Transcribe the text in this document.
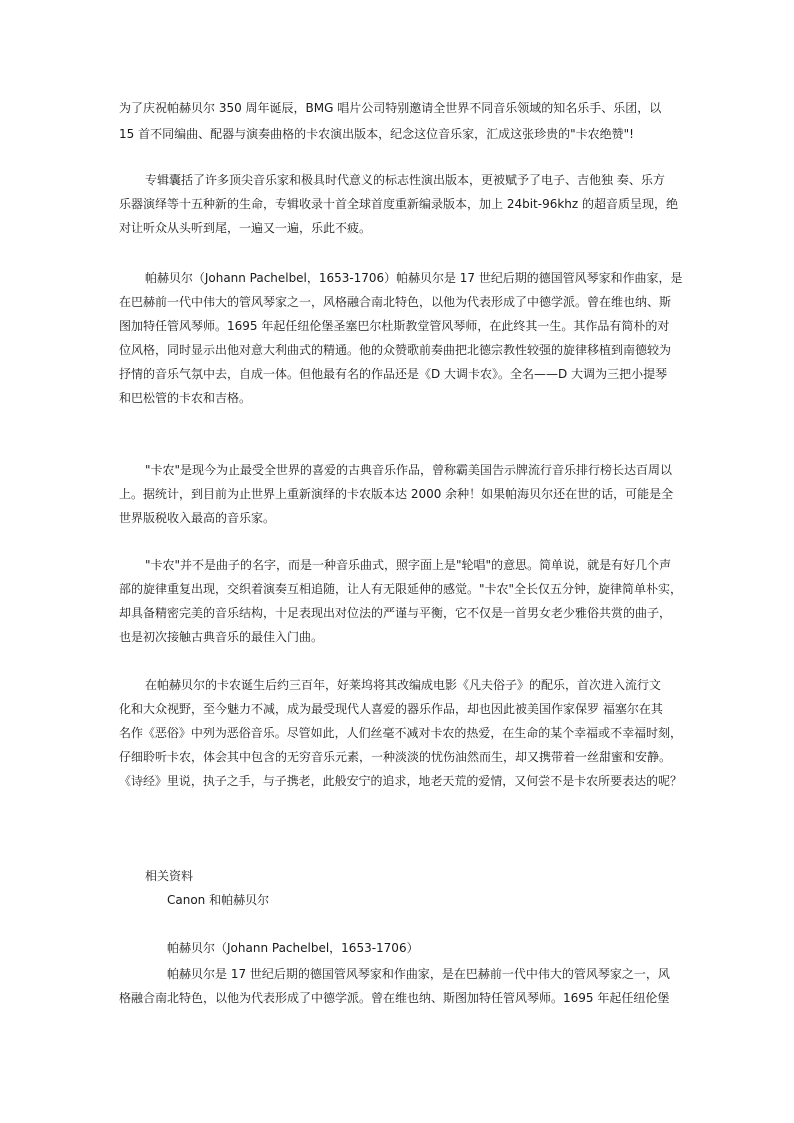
为了庆祝帕赫贝尔 350 周年诞辰，BMG 唱片公司特别邀请全世界不同音乐领域的知名乐手、乐团，以
15 首不同编曲、配器与演奏曲格的卡农演出版本，纪念这位音乐家，汇成这张珍贵的"卡农绝赞"!
专辑囊括了许多顶尖音乐家和极具时代意义的标志性演出版本，更被赋予了电子、吉他独 奏、乐方
乐器演绎等十五种新的生命，专辑收录十首全球首度重新编录版本，加上 24bit-96khz 的超音质呈现，绝
对让听众从头听到尾，一遍又一遍，乐此不疲。
帕赫贝尔（Johann Pachelbel，1653-1706）帕赫贝尔是 17 世纪后期的德国管风琴家和作曲家，是
在巴赫前一代中伟大的管风琴家之一，风格融合南北特色，以他为代表形成了中德学派。曾在维也纳、斯
图加特任管风琴师。1695 年起任纽伦堡圣塞巴尔杜斯教堂管风琴师，在此终其一生。其作品有简朴的对
位风格，同时显示出他对意大利曲式的精通。他的众赞歌前奏曲把北德宗教性较强的旋律移植到南德较为
抒情的音乐气氛中去，自成一体。但他最有名的作品还是《D 大调卡农》。全名——D 大调为三把小提琴
和巴松管的卡农和吉格。
"卡农"是现今为止最受全世界的喜爱的古典音乐作品，曾称霸美国告示牌流行音乐排行榜长达百周以
上。据统计，到目前为止世界上重新演绎的卡农版本达 2000 余种！如果帕海贝尔还在世的话，可能是全
世界版税收入最高的音乐家。
"卡农"并不是曲子的名字，而是一种音乐曲式，照字面上是"轮唱"的意思。简单说，就是有好几个声
部的旋律重复出现，交织着演奏互相追随，让人有无限延伸的感觉。"卡农"全长仅五分钟，旋律简单朴实，
却具备精密完美的音乐结构，十足表现出对位法的严谨与平衡，它不仅是一首男女老少雅俗共赏的曲子，
也是初次接触古典音乐的最佳入门曲。
在帕赫贝尔的卡农诞生后约三百年，好莱坞将其改编成电影《凡夫俗子》的配乐，首次进入流行文
化和大众视野，至今魅力不减，成为最受现代人喜爱的器乐作品，却也因此被美国作家保罗 福塞尔在其
名作《恶俗》中列为恶俗音乐。尽管如此，人们丝毫不减对卡农的热爱，在生命的某个幸福或不幸福时刻，
仔细聆听卡农，体会其中包含的无穷音乐元素，一种淡淡的忧伤油然而生，却又携带着一丝甜蜜和安静。
《诗经》里说，执子之手，与子携老，此般安宁的追求，地老天荒的爱情，又何尝不是卡农所要表达的呢？
相关资料
Canon 和帕赫贝尔
帕赫贝尔（Johann Pachelbel，1653-1706）
帕赫贝尔是 17 世纪后期的德国管风琴家和作曲家，是在巴赫前一代中伟大的管风琴家之一，风
格融合南北特色，以他为代表形成了中德学派。曾在维也纳、斯图加特任管风琴师。1695 年起任纽伦堡
